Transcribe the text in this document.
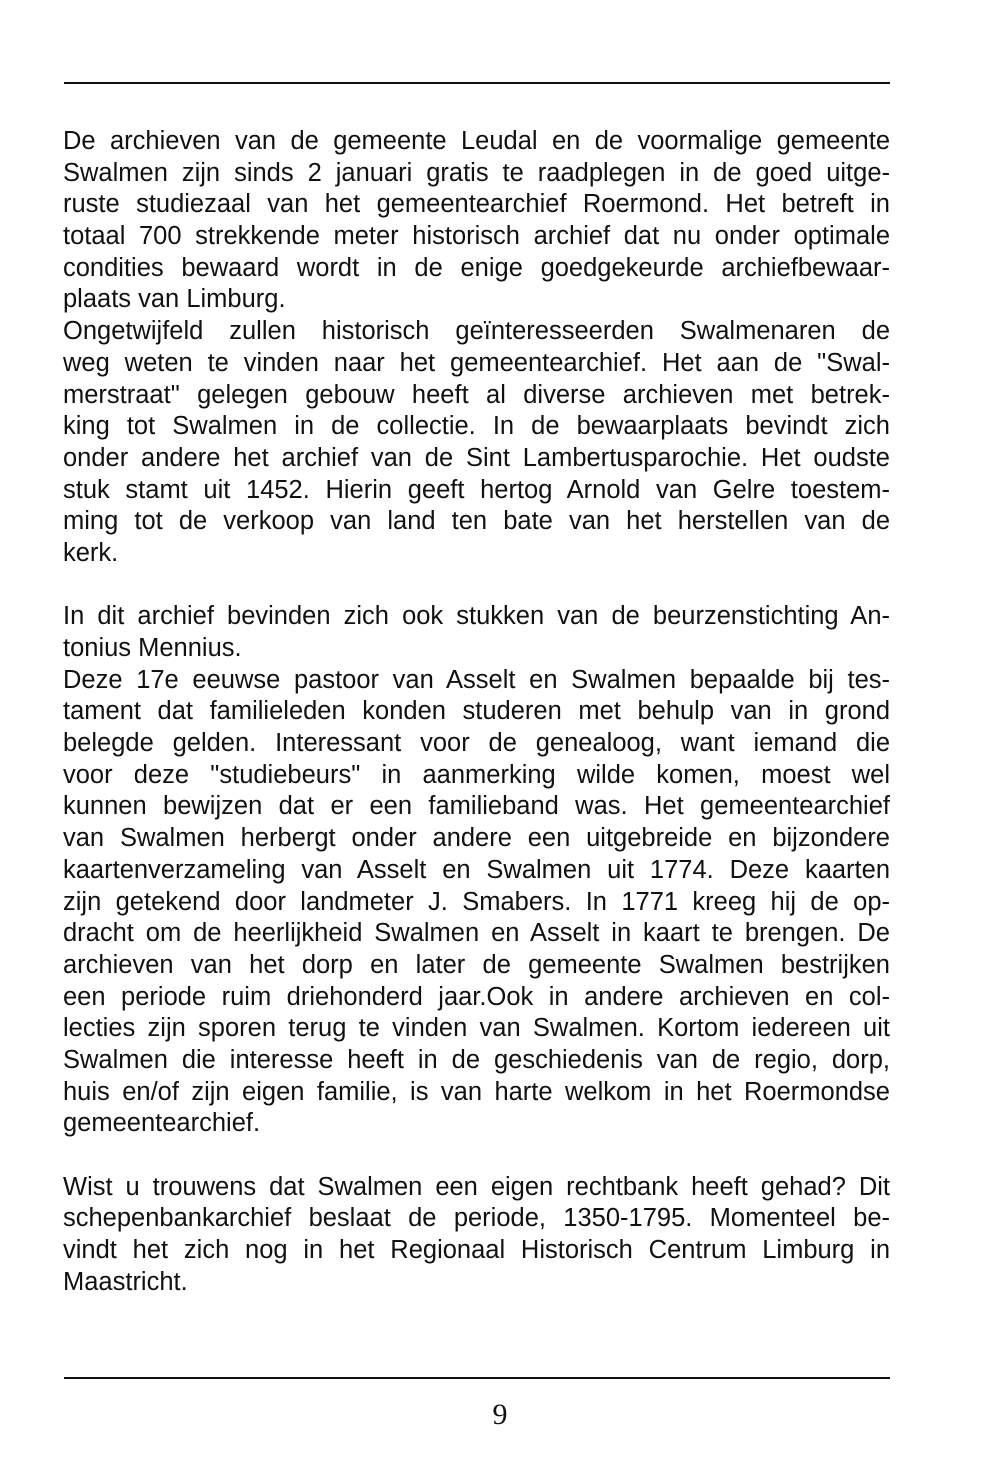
De archieven van de gemeente Leudal en de voormalige gemeente
Swalmen zijn sinds 2 januari gratis te raadplegen in de goed uitge-
ruste studiezaal van het gemeentearchief Roermond. Het betreft in
totaal 700 strekkende meter historisch archief dat nu onder optimale
condities bewaard wordt in de enige goedgekeurde archiefbewaar-
plaats van Limburg.
Ongetwijfeld zullen historisch geïnteresseerden Swalmenaren de
weg weten te vinden naar het gemeentearchief. Het aan de "Swal-
merstraat" gelegen gebouw heeft al diverse archieven met betrek-
king tot Swalmen in de collectie. In de bewaarplaats bevindt zich
onder andere het archief van de Sint Lambertusparochie. Het oudste
stuk stamt uit 1452. Hierin geeft hertog Arnold van Gelre toestem-
ming tot de verkoop van land ten bate van het herstellen van de
kerk.
In dit archief bevinden zich ook stukken van de beurzenstichting An-
tonius Mennius.
Deze 17e eeuwse pastoor van Asselt en Swalmen bepaalde bij tes-
tament dat familieleden konden studeren met behulp van in grond
belegde gelden. Interessant voor de genealoog, want iemand die
voor deze "studiebeurs" in aanmerking wilde komen, moest wel
kunnen bewijzen dat er een familieband was. Het gemeentearchief
van Swalmen herbergt onder andere een uitgebreide en bijzondere
kaartenverzameling van Asselt en Swalmen uit 1774. Deze kaarten
zijn getekend door landmeter J. Smabers. In 1771 kreeg hij de op-
dracht om de heerlijkheid Swalmen en Asselt in kaart te brengen. De
archieven van het dorp en later de gemeente Swalmen bestrijken
een periode ruim driehonderd jaar.Ook in andere archieven en col-
lecties zijn sporen terug te vinden van Swalmen. Kortom iedereen uit
Swalmen die interesse heeft in de geschiedenis van de regio, dorp,
huis en/of zijn eigen familie, is van harte welkom in het Roermondse
gemeentearchief.
Wist u trouwens dat Swalmen een eigen rechtbank heeft gehad? Dit
schepenbankarchief beslaat de periode, 1350-1795. Momenteel be-
vindt het zich nog in het Regionaal Historisch Centrum Limburg in
Maastricht.
9
